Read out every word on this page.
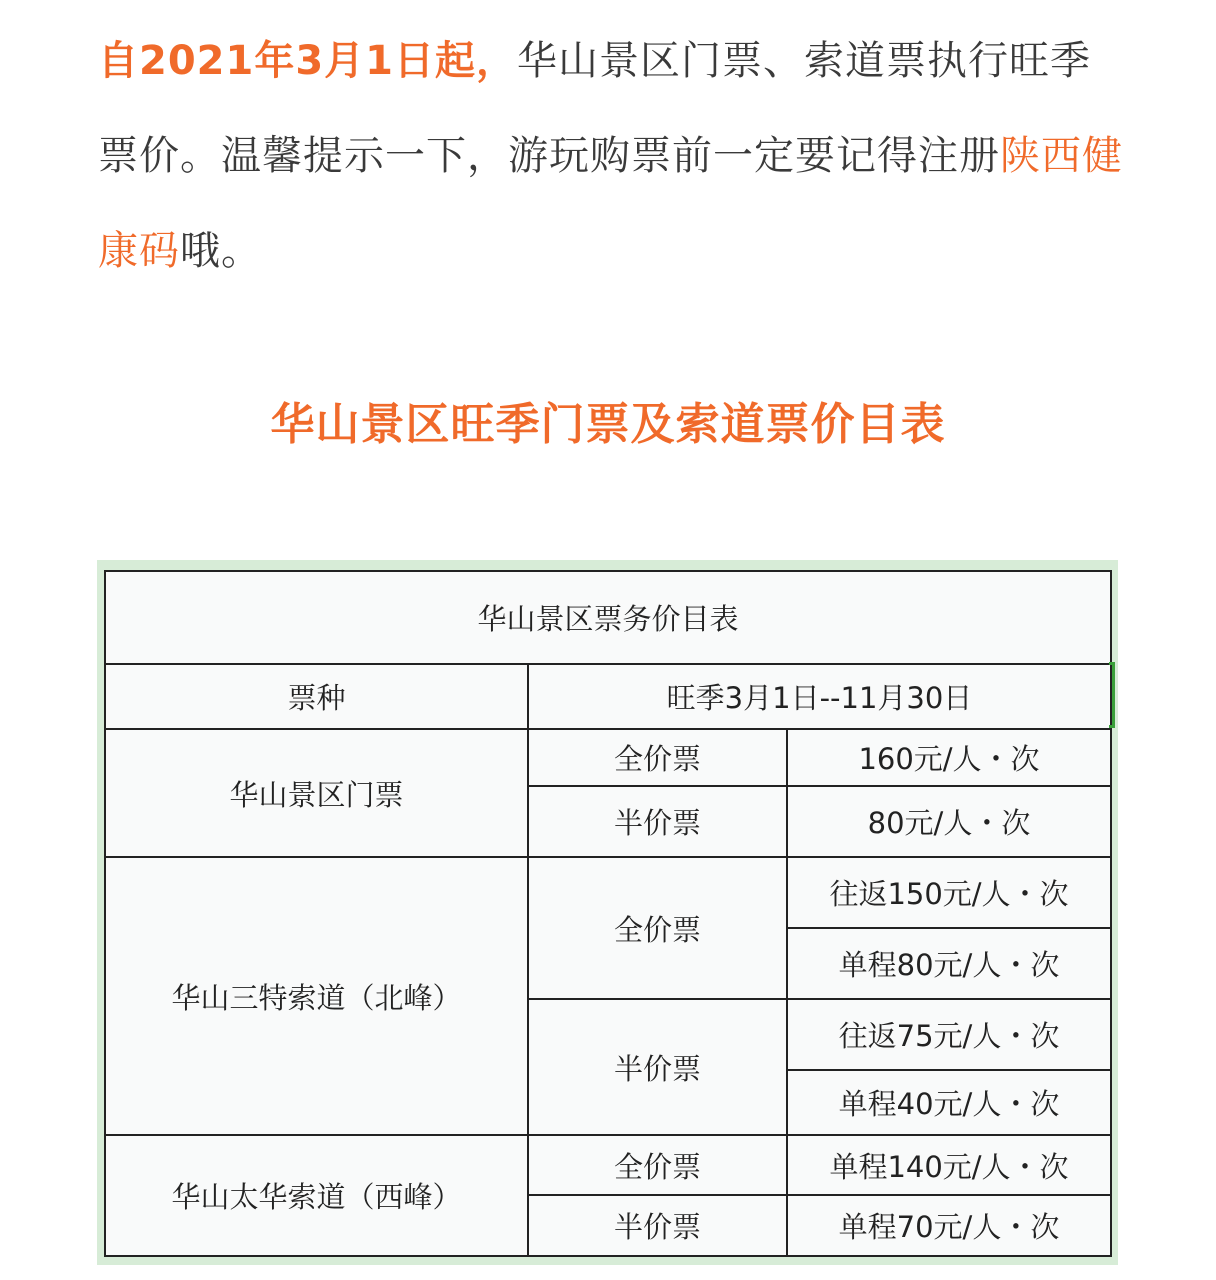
自2021年3月1日起，华山景区门票、索道票执行旺季票价。温馨提示一下，游玩购票前一定要记得注册陕西健康码哦。
华山景区旺季门票及索道票价目表
华山景区票务价目表		
票种	旺季3月1日--11月30日	
华山景区门票	全价票	160元/人・次
	半价票	80元/人・次
华山三特索道（北峰）	全价票	往返150元/人・次
		单程80元/人・次
	半价票	往返75元/人・次
		单程40元/人・次
华山太华索道（西峰）	全价票	单程140元/人・次
	半价票	单程70元/人・次
